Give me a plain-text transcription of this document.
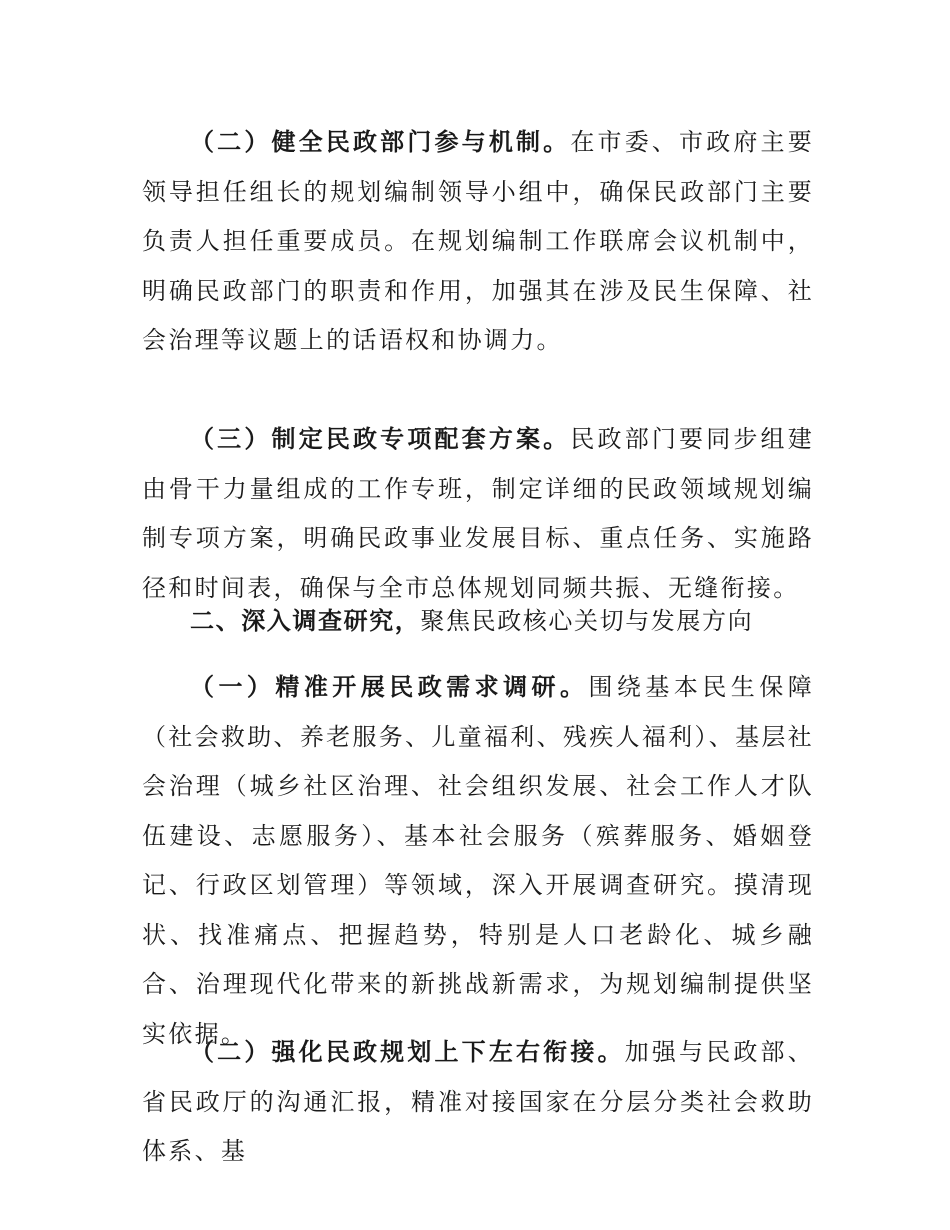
（二）健全民政部门参与机制。在市委、市政府主要领导担任组长的规划编制领导小组中，确保民政部门主要负责人担任重要成员。在规划编制工作联席会议机制中，明确民政部门的职责和作用，加强其在涉及民生保障、社会治理等议题上的话语权和协调力。

（三）制定民政专项配套方案。民政部门要同步组建由骨干力量组成的工作专班，制定详细的民政领域规划编制专项方案，明确民政事业发展目标、重点任务、实施路径和时间表，确保与全市总体规划同频共振、无缝衔接。

二、深入调查研究，聚焦民政核心关切与发展方向

（一）精准开展民政需求调研。围绕基本民生保障（社会救助、养老服务、儿童福利、残疾人福利）、基层社会治理（城乡社区治理、社会组织发展、社会工作人才队伍建设、志愿服务）、基本社会服务（殡葬服务、婚姻登记、行政区划管理）等领域，深入开展调查研究。摸清现状、找准痛点、把握趋势，特别是人口老龄化、城乡融合、治理现代化带来的新挑战新需求，为规划编制提供坚实依据。

（二）强化民政规划上下左右衔接。加强与民政部、省民政厅的沟通汇报，精准对接国家在分层分类社会救助体系、基
